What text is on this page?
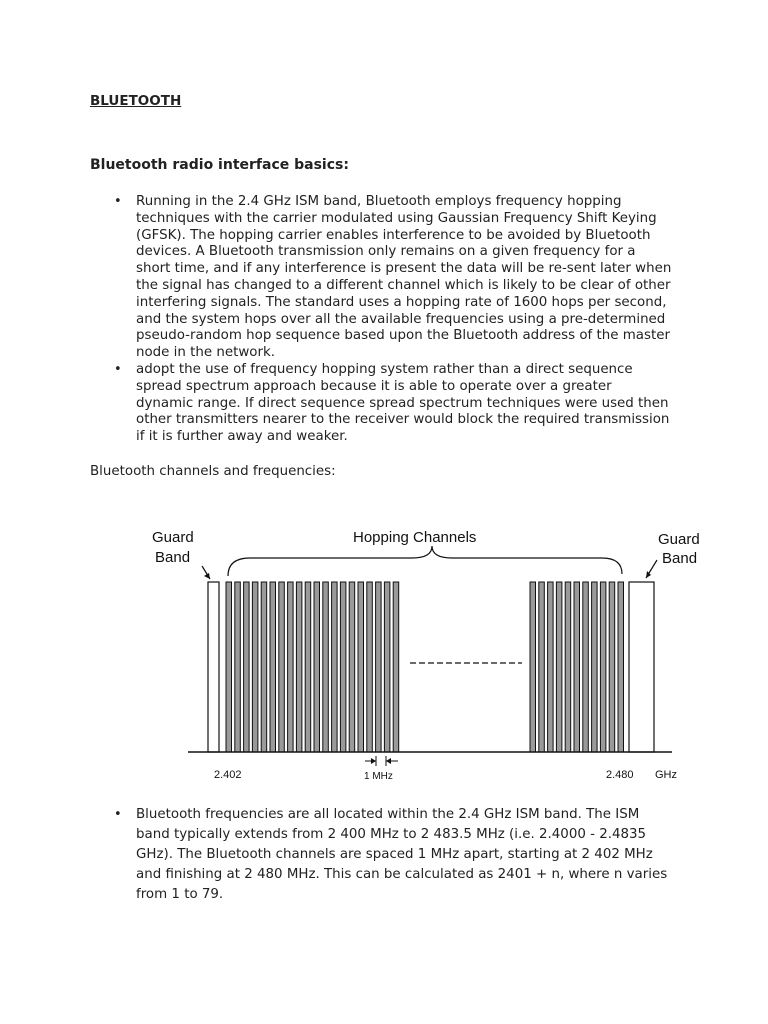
BLUETOOTH
Bluetooth radio interface basics:
• Running in the 2.4 GHz ISM band, Bluetooth employs frequency hopping techniques with the carrier modulated using Gaussian Frequency Shift Keying (GFSK). The hopping carrier enables interference to be avoided by Bluetooth devices. A Bluetooth transmission only remains on a given frequency for a short time, and if any interference is present the data will be re-sent later when the signal has changed to a different channel which is likely to be clear of other interfering signals. The standard uses a hopping rate of 1600 hops per second, and the system hops over all the available frequencies using a pre-determined pseudo-random hop sequence based upon the Bluetooth address of the master node in the network.
• adopt the use of frequency hopping system rather than a direct sequence spread spectrum approach because it is able to operate over a greater dynamic range. If direct sequence spread spectrum techniques were used then other transmitters nearer to the receiver would block the required transmission if it is further away and weaker.
Bluetooth channels and frequencies:
Guard
Band
Hopping Channels	Guard
Band
2.402	1 MHz	2.480 GHz
• Bluetooth frequencies are all located within the 2.4 GHz ISM band. The ISM band typically extends from 2 400 MHz to 2 483.5 MHz (i.e. 2.4000 - 2.4835 GHz). The Bluetooth channels are spaced 1 MHz apart, starting at 2 402 MHz and finishing at 2 480 MHz. This can be calculated as 2401 + n, where n varies from 1 to 79.
